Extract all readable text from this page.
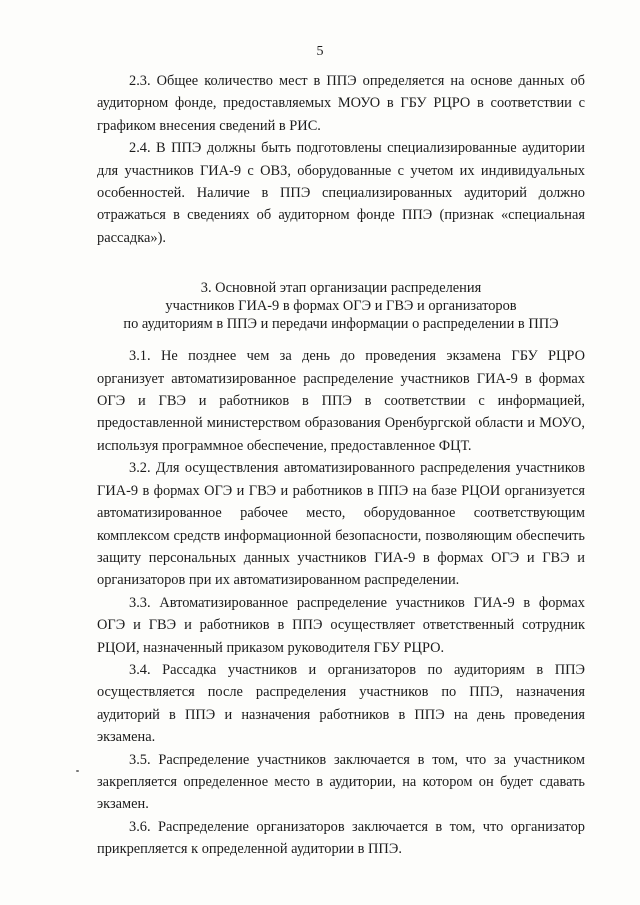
5

2.3. Общее количество мест в ППЭ определяется на основе данных об аудиторном фонде, предоставляемых МОУО в ГБУ РЦРО в соответствии с графиком внесения сведений в РИС.

2.4. В ППЭ должны быть подготовлены специализированные аудитории для участников ГИА-9 с ОВЗ, оборудованные с учетом их индивидуальных особенностей. Наличие в ППЭ специализированных аудиторий должно отражаться в сведениях об аудиторном фонде ППЭ (признак «специальная рассадка»).

3. Основной этап организации распределения
участников ГИА-9 в формах ОГЭ и ГВЭ и организаторов
по аудиториям в ППЭ и передачи информации о распределении в ППЭ

3.1. Не позднее чем за день до проведения экзамена ГБУ РЦРО организует автоматизированное распределение участников ГИА-9 в формах ОГЭ и ГВЭ и работников в ППЭ в соответствии с информацией, предоставленной министерством образования Оренбургской области и МОУО, используя программное обеспечение, предоставленное ФЦТ.

3.2. Для осуществления автоматизированного распределения участников ГИА-9 в формах ОГЭ и ГВЭ и работников в ППЭ на базе РЦОИ организуется автоматизированное рабочее место, оборудованное соответствующим комплексом средств информационной безопасности, позволяющим обеспечить защиту персональных данных участников ГИА-9 в формах ОГЭ и ГВЭ и организаторов при их автоматизированном распределении.

3.3. Автоматизированное распределение участников ГИА-9 в формах ОГЭ и ГВЭ и работников в ППЭ осуществляет ответственный сотрудник РЦОИ, назначенный приказом руководителя ГБУ РЦРО.

3.4. Рассадка участников и организаторов по аудиториям в ППЭ осуществляется после распределения участников по ППЭ, назначения аудиторий в ППЭ и назначения работников в ППЭ на день проведения экзамена.

3.5. Распределение участников заключается в том, что за участником закрепляется определенное место в аудитории, на котором он будет сдавать экзамен.

3.6. Распределение организаторов заключается в том, что организатор прикрепляется к определенной аудитории в ППЭ.
